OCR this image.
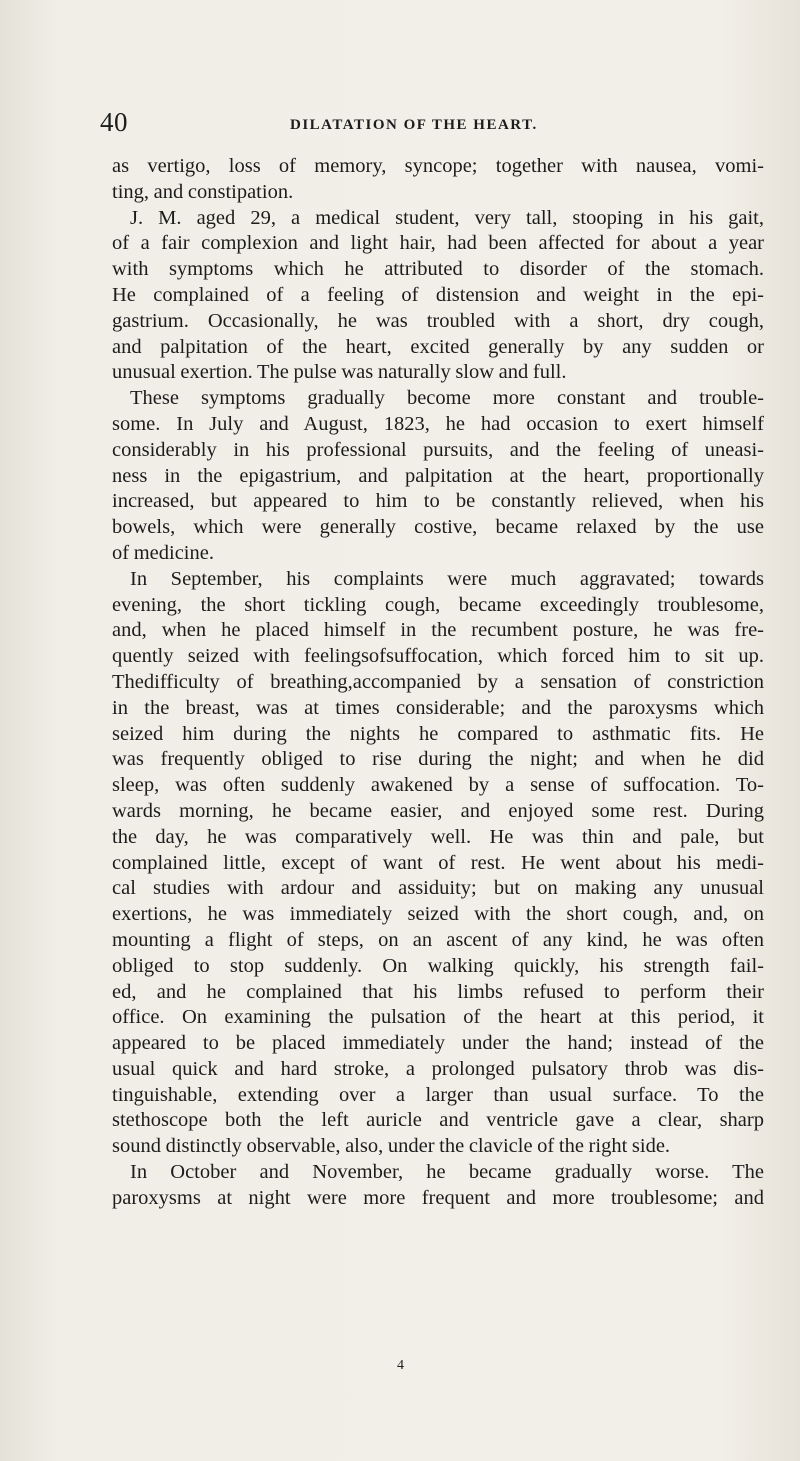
40	DILATATION OF THE HEART.

as vertigo, loss of memory, syncope; together with nausea, vomi-
ting, and constipation.

J. M. aged 29, a medical student, very tall, stooping in his gait,
of a fair complexion and light hair, had been affected for about a year
with symptoms which he attributed to disorder of the stomach.
He complained of a feeling of distension and weight in the epi-
gastrium. Occasionally, he was troubled with a short, dry cough,
and palpitation of the heart, excited generally by any sudden or
unusual exertion. The pulse was naturally slow and full.

These symptoms gradually become more constant and trouble-
some. In July and August, 1823, he had occasion to exert himself
considerably in his professional pursuits, and the feeling of uneasi-
ness in the epigastrium, and palpitation at the heart, proportionally
increased, but appeared to him to be constantly relieved, when his
bowels, which were generally costive, became relaxed by the use
of medicine.

In September, his complaints were much aggravated; towards
evening, the short tickling cough, became exceedingly troublesome,
and, when he placed himself in the recumbent posture, he was fre-
quently seized with feelingsofsuffocation, which forced him to sit up.
Thedifficulty of breathing,accompanied by a sensation of constriction
in the breast, was at times considerable; and the paroxysms which
seized him during the nights he compared to asthmatic fits. He
was frequently obliged to rise during the night; and when he did
sleep, was often suddenly awakened by a sense of suffocation. To-
wards morning, he became easier, and enjoyed some rest. During
the day, he was comparatively well. He was thin and pale, but
complained little, except of want of rest. He went about his medi-
cal studies with ardour and assiduity; but on making any unusual
exertions, he was immediately seized with the short cough, and, on
mounting a flight of steps, on an ascent of any kind, he was often
obliged to stop suddenly. On walking quickly, his strength fail-
ed, and he complained that his limbs refused to perform their
office. On examining the pulsation of the heart at this period, it
appeared to be placed immediately under the hand; instead of the
usual quick and hard stroke, a prolonged pulsatory throb was dis-
tinguishable, extending over a larger than usual surface. To the
stethoscope both the left auricle and ventricle gave a clear, sharp
sound distinctly observable, also, under the clavicle of the right side.

In October and November, he became gradually worse. The
paroxysms at night were more frequent and more troublesome; and

4
